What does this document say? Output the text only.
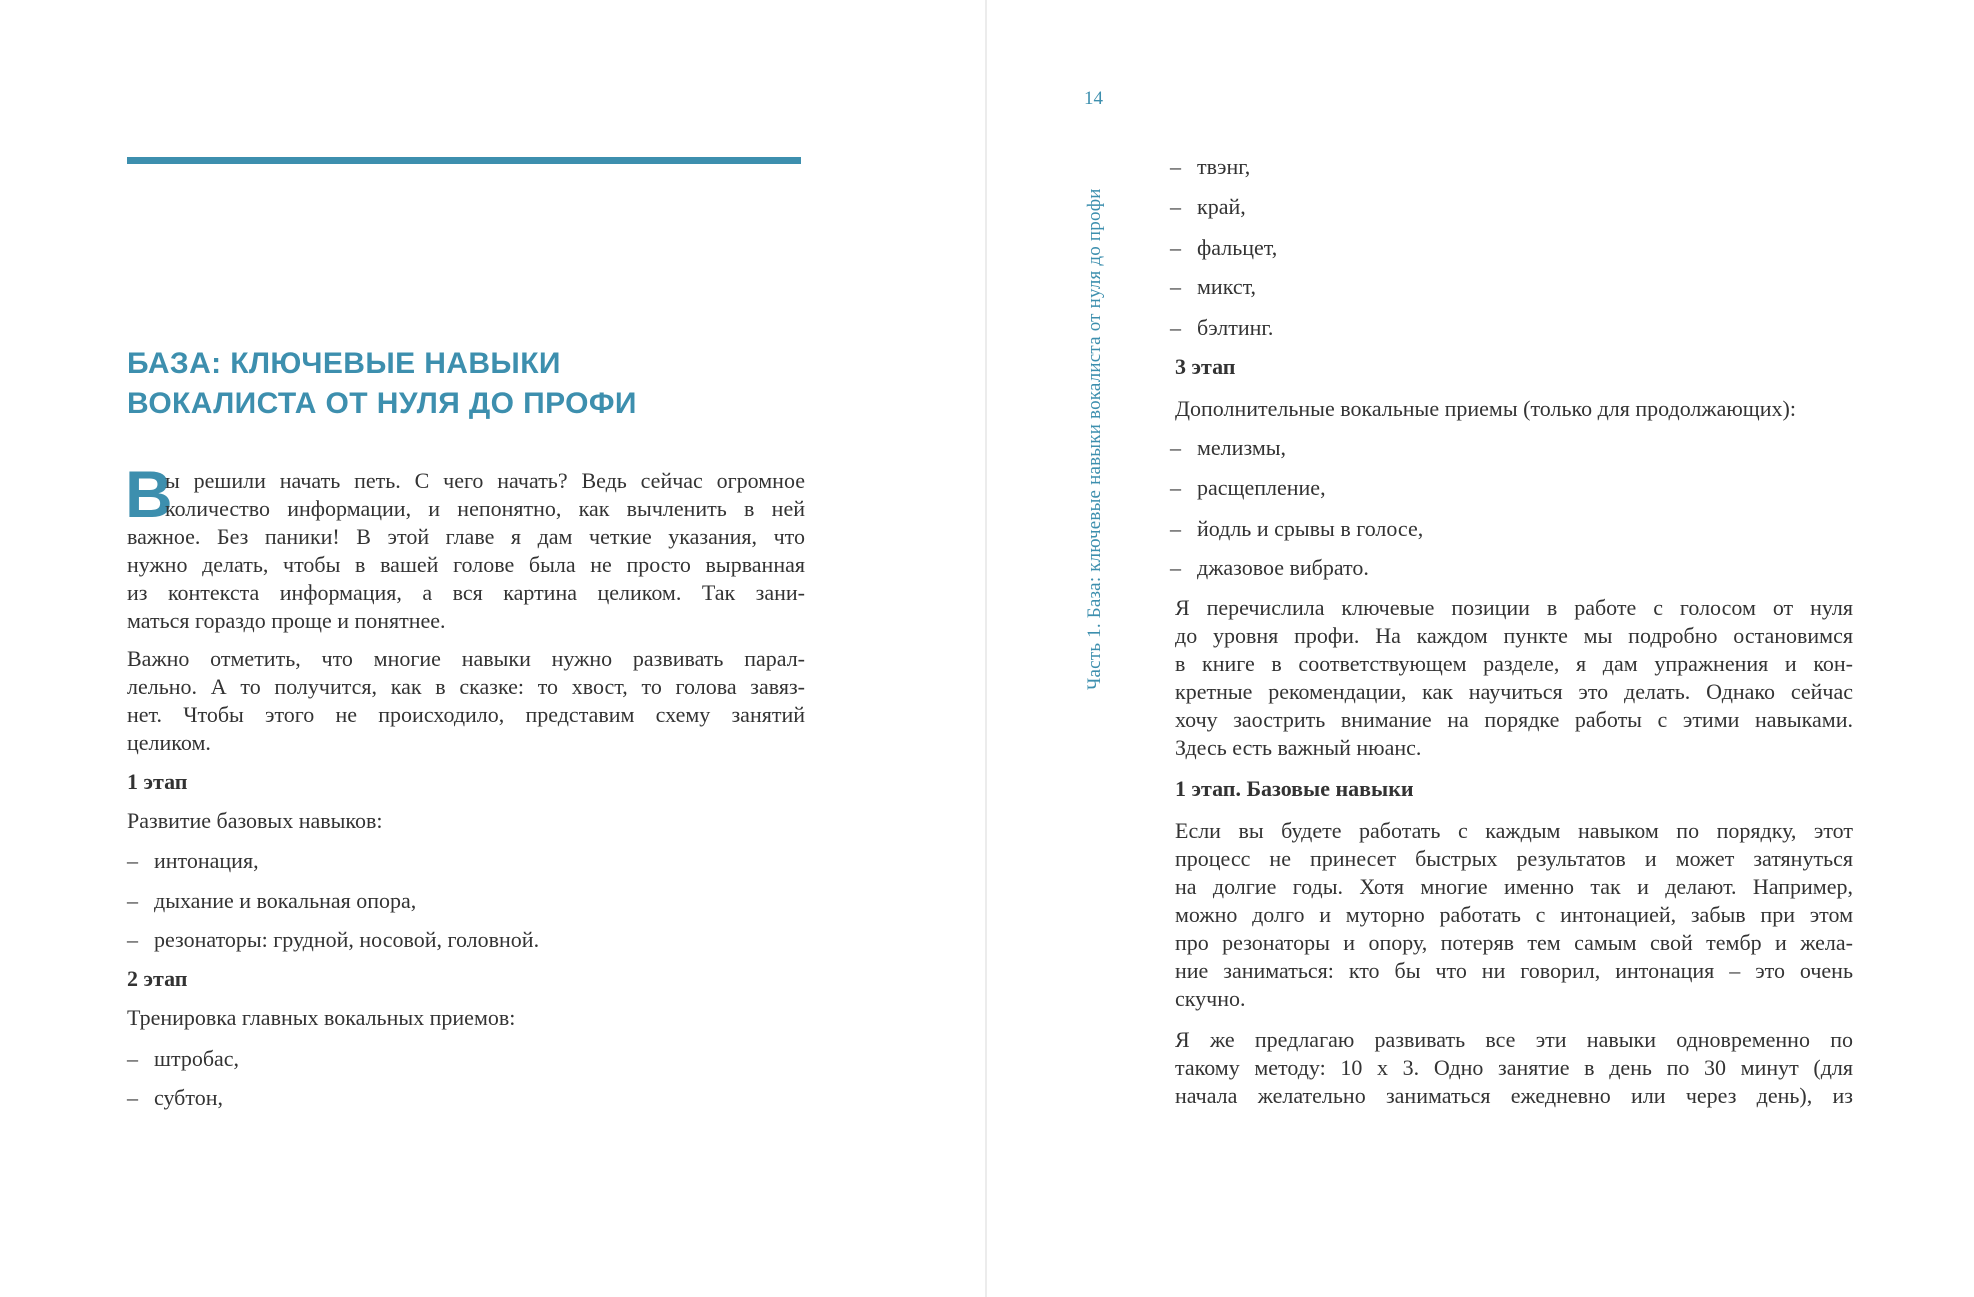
БАЗА: КЛЮЧЕВЫЕ НАВЫКИ
ВОКАЛИСТА ОТ НУЛЯ ДО ПРОФИ
В
ы решили начать петь. С чего начать? Ведь сейчас огромное
количество информации, и непонятно, как вычленить в ней
важное. Без паники! В этой главе я дам четкие указания, что
нужно делать, чтобы в вашей голове была не просто вырванная
из контекста информация, а вся картина целиком. Так зани-
маться гораздо проще и понятнее.
Важно отметить, что многие навыки нужно развивать парал-
лельно. А то получится, как в сказке: то хвост, то голова завяз-
нет. Чтобы этого не происходило, представим схему занятий
целиком.
1 этап
Развитие базовых навыков:
– интонация,
– дыхание и вокальная опора,
– резонаторы: грудной, носовой, головной.
2 этап
Тренировка главных вокальных приемов:
– штробас,
– субтон,
14
Часть 1. База: ключевые навыки вокалиста от нуля до профи
– твэнг,
– край,
– фальцет,
– микст,
– бэлтинг.
3 этап
Дополнительные вокальные приемы (только для продолжающих):
– мелизмы,
– расщепление,
– йодль и срывы в голосе,
– джазовое вибрато.
Я перечислила ключевые позиции в работе с голосом от нуля
до уровня профи. На каждом пункте мы подробно остановимся
в книге в соответствующем разделе, я дам упражнения и кон-
кретные рекомендации, как научиться это делать. Однако сейчас
хочу заострить внимание на порядке работы с этими навыками.
Здесь есть важный нюанс.
1 этап. Базовые навыки
Если вы будете работать с каждым навыком по порядку, этот
процесс не принесет быстрых результатов и может затянуться
на долгие годы. Хотя многие именно так и делают. Например,
можно долго и муторно работать с интонацией, забыв при этом
про резонаторы и опору, потеряв тем самым свой тембр и жела-
ние заниматься: кто бы что ни говорил, интонация – это очень
скучно.
Я же предлагаю развивать все эти навыки одновременно по
такому методу: 10 х 3. Одно занятие в день по 30 минут (для
начала желательно заниматься ежедневно или через день), из
